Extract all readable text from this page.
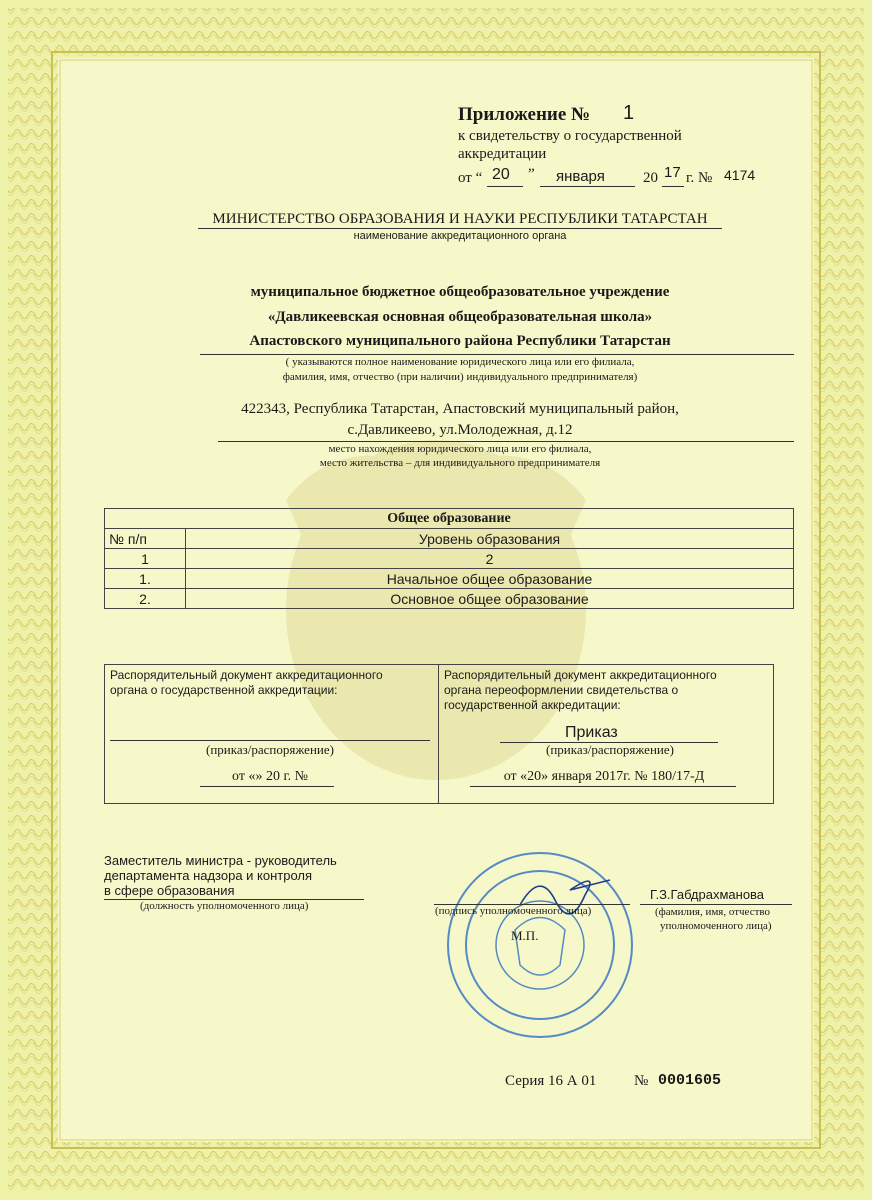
Приложение № 1
к свидетельству о государственной
аккредитации
от “ 20 ” января	20 17 г. № 4174
МИНИСТЕРСТВО ОБРАЗОВАНИЯ И НАУКИ РЕСПУБЛИКИ ТАТАРСТАН
наименование аккредитационного органа
муниципальное бюджетное общеобразовательное учреждение
«Давликеевская основная общеобразовательная школа»
Апастовского муниципального района Республики Татарстан
( указываются полное наименование юридического лица или его филиала,
фамилия, имя, отчество (при наличии) индивидуального предпринимателя)
422343, Республика Татарстан, Апастовский муниципальный район,
с.Давликеево, ул.Молодежная, д.12
место нахождения юридического лица или его филиала,
место жительства – для индивидуального предпринимателя
Общее образование	
№ п/п	Уровень образования
1	2
1.	Начальное общее образование
2.	Основное общее образование
Распорядительный документ аккредитационного
органа о государственной аккредитации:
(приказ/распоряжение)
от «» 20 г. №
Распорядительный документ аккредитационного
органа переоформлении свидетельства о
государственной аккредитации:
Приказ
(приказ/распоряжение)
от «20» января 2017г. № 180/17-Д
Заместитель министра - руководитель
департамента надзора и контроля
в сфере образования
(должность уполномоченного лица)	(подпись уполномоченного лица)
М.П.
Г.З.Габдрахманова
(фамилия, имя, отчество
уполномоченного лица)
Серия 16 А 01	№ 0001605
